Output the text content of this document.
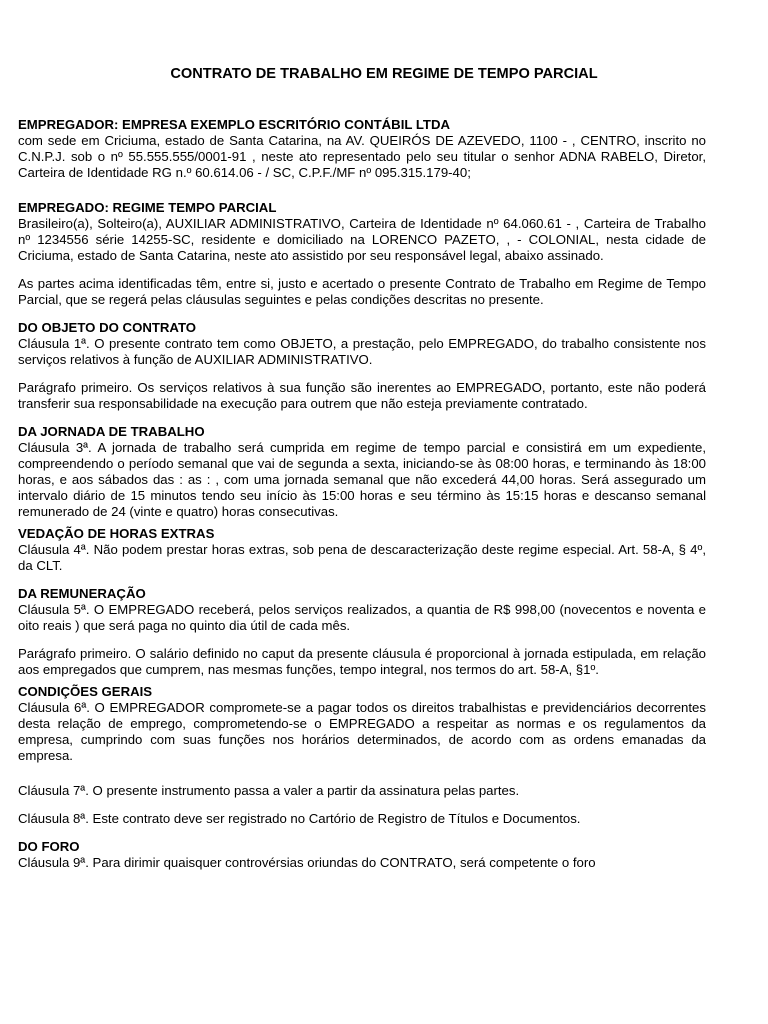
CONTRATO DE TRABALHO EM REGIME DE TEMPO PARCIAL
EMPREGADOR: EMPRESA EXEMPLO ESCRITÓRIO CONTÁBIL LTDA

com sede em Criciuma, estado de Santa Catarina, na AV. QUEIRÓS DE AZEVEDO, 1100 - , CENTRO, inscrito no C.N.P.J. sob o nº 55.555.555/0001-91 , neste ato representado pelo seu titular o senhor ADNA RABELO, Diretor, Carteira de Identidade RG n.º 60.614.06 - / SC, C.P.F./MF nº 095.315.179-40;

EMPREGADO: REGIME TEMPO PARCIAL

Brasileiro(a), Solteiro(a), AUXILIAR ADMINISTRATIVO, Carteira de Identidade nº 64.060.61 - , Carteira de Trabalho nº 1234556 série 14255-SC, residente e domiciliado na LORENCO PAZETO, , - COLONIAL, nesta cidade de Criciuma, estado de Santa Catarina, neste ato assistido por seu responsável legal, abaixo assinado.

As partes acima identificadas têm, entre si, justo e acertado o presente Contrato de Trabalho em Regime de Tempo Parcial, que se regerá pelas cláusulas seguintes e pelas condições descritas no presente.

DO OBJETO DO CONTRATO

Cláusula 1ª. O presente contrato tem como OBJETO, a prestação, pelo EMPREGADO, do trabalho consistente nos serviços relativos à função de AUXILIAR ADMINISTRATIVO.

Parágrafo primeiro. Os serviços relativos à sua função são inerentes ao EMPREGADO, portanto, este não poderá transferir sua responsabilidade na execução para outrem que não esteja previamente contratado.

DA JORNADA DE TRABALHO

Cláusula 3ª. A jornada de trabalho será cumprida em regime de tempo parcial e consistirá em um expediente, compreendendo o período semanal que vai de segunda a sexta, iniciando-se às 08:00 horas, e terminando às 18:00 horas, e aos sábados das : as : , com uma jornada semanal que não excederá 44,00 horas. Será assegurado um intervalo diário de 15 minutos tendo seu início às 15:00 horas e seu término às 15:15 horas e descanso semanal remunerado de 24 (vinte e quatro) horas consecutivas.

VEDAÇÃO DE HORAS EXTRAS

Cláusula 4ª. Não podem prestar horas extras, sob pena de descaracterização deste regime especial. Art. 58-A, § 4º, da CLT.

DA REMUNERAÇÃO

Cláusula 5ª. O EMPREGADO receberá, pelos serviços realizados, a quantia de R$ 998,00 (novecentos e noventa e oito reais ) que será paga no quinto dia útil de cada mês.

Parágrafo primeiro. O salário definido no caput da presente cláusula é proporcional à jornada estipulada, em relação aos empregados que cumprem, nas mesmas funções, tempo integral, nos termos do art. 58-A, §1º.

CONDIÇÕES GERAIS

Cláusula 6ª. O EMPREGADOR compromete-se a pagar todos os direitos trabalhistas e previdenciários decorrentes desta relação de emprego, comprometendo-se o EMPREGADO a respeitar as normas e os regulamentos da empresa, cumprindo com suas funções nos horários determinados, de acordo com as ordens emanadas da empresa.

Cláusula 7ª. O presente instrumento passa a valer a partir da assinatura pelas partes.

Cláusula 8ª. Este contrato deve ser registrado no Cartório de Registro de Títulos e Documentos.

DO FORO

Cláusula 9ª. Para dirimir quaisquer controvérsias oriundas do CONTRATO, será competente o foro
